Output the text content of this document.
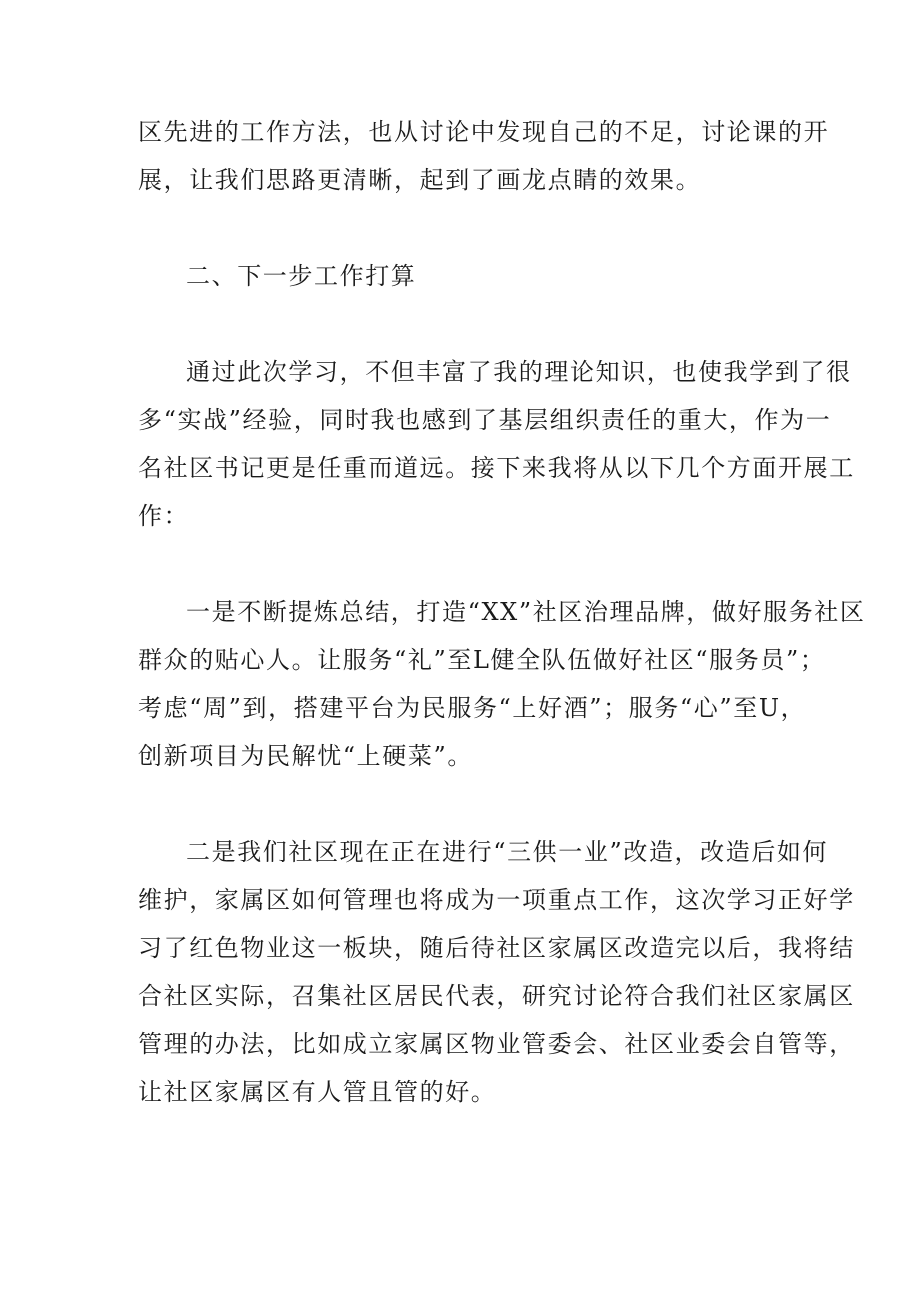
区先进的工作方法，也从讨论中发现自己的不足，讨论课的开
展，让我们思路更清晰，起到了画龙点睛的效果。
二、下一步工作打算
通过此次学习，不但丰富了我的理论知识，也使我学到了很
多“实战”经验，同时我也感到了基层组织责任的重大，作为一
名社区书记更是任重而道远。接下来我将从以下几个方面开展工
作：
一是不断提炼总结，打造“XX”社区治理品牌，做好服务社区
群众的贴心人。让服务“礼”至L健全队伍做好社区“服务员”；
考虑“周”到，搭建平台为民服务“上好酒”；服务“心”至U，
创新项目为民解忧“上硬菜”。
二是我们社区现在正在进行“三供一业”改造，改造后如何
维护，家属区如何管理也将成为一项重点工作，这次学习正好学
习了红色物业这一板块，随后待社区家属区改造完以后，我将结
合社区实际，召集社区居民代表，研究讨论符合我们社区家属区
管理的办法，比如成立家属区物业管委会、社区业委会自管等，
让社区家属区有人管且管的好。
